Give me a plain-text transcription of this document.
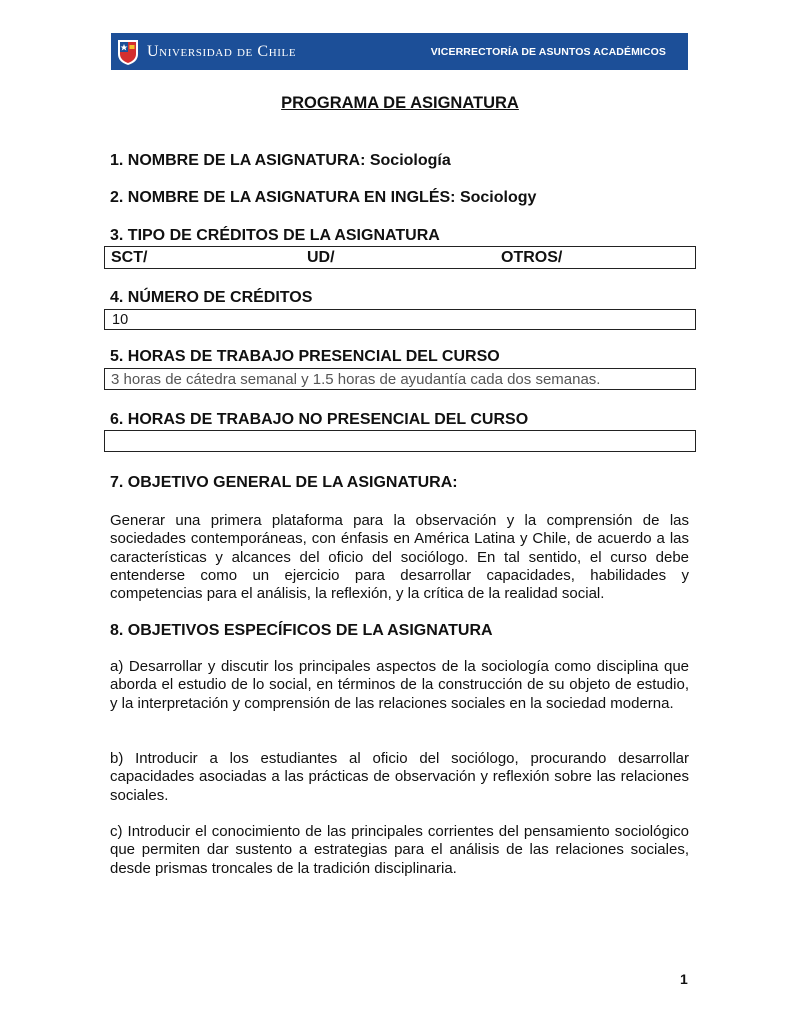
Universidad de Chile	VICERRECTORÍA DE ASUNTOS ACADÉMICOS
PROGRAMA DE ASIGNATURA
1. NOMBRE DE LA ASIGNATURA: Sociología
2. NOMBRE DE LA ASIGNATURA EN INGLÉS: Sociology
3. TIPO DE CRÉDITOS DE LA ASIGNATURA
SCT/	UD/	OTROS/
4. NÚMERO DE CRÉDITOS
10
5. HORAS DE TRABAJO PRESENCIAL DEL CURSO
3 horas de cátedra semanal y 1.5 horas de ayudantía cada dos semanas.
6. HORAS DE TRABAJO NO PRESENCIAL DEL CURSO
7. OBJETIVO GENERAL DE LA ASIGNATURA:
Generar una primera plataforma para la observación y la comprensión de las sociedades contemporáneas, con énfasis en América Latina y Chile, de acuerdo a las características y alcances del oficio del sociólogo. En tal sentido, el curso debe entenderse como un ejercicio para desarrollar capacidades, habilidades y competencias para el análisis, la reflexión, y la crítica de la realidad social.
8. OBJETIVOS ESPECÍFICOS DE LA ASIGNATURA
a) Desarrollar y discutir los principales aspectos de la sociología como disciplina que aborda el estudio de lo social, en términos de la construcción de su objeto de estudio, y la interpretación y comprensión de las relaciones sociales en la sociedad moderna.
b) Introducir a los estudiantes al oficio del sociólogo, procurando desarrollar capacidades asociadas a las prácticas de observación y reflexión sobre las relaciones sociales.
c) Introducir el conocimiento de las principales corrientes del pensamiento sociológico que permiten dar sustento a estrategias para el análisis de las relaciones sociales, desde prismas troncales de la tradición disciplinaria.
1
